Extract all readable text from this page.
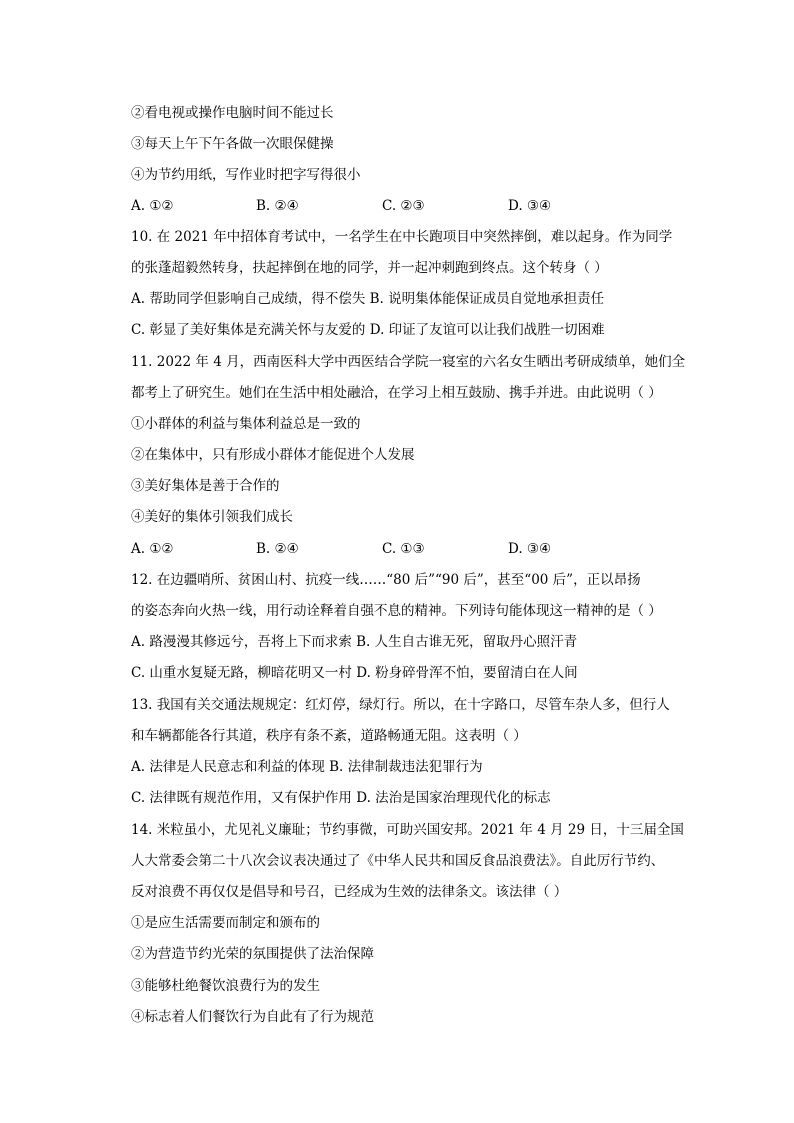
②看电视或操作电脑时间不能过长
③每天上午下午各做一次眼保健操
④为节约用纸，写作业时把字写得很小
A. ①②	B. ②④	C. ②③	D. ③④
10. 在 2021 年中招体育考试中，一名学生在中长跑项目中突然摔倒，难以起身。作为同学
的张蓬超毅然转身，扶起摔倒在地的同学，并一起冲刺跑到终点。这个转身（ ）
A. 帮助同学但影响自己成绩，得不偿失 B. 说明集体能保证成员自觉地承担责任
C. 彰显了美好集体是充满关怀与友爱的 D. 印证了友谊可以让我们战胜一切困难
11. 2022 年 4 月，西南医科大学中西医结合学院一寝室的六名女生晒出考研成绩单，她们全
都考上了研究生。她们在生活中相处融洽，在学习上相互鼓励、携手并进。由此说明（ ）
①小群体的利益与集体利益总是一致的
②在集体中，只有形成小群体才能促进个人发展
③美好集体是善于合作的
④美好的集体引领我们成长
A. ①②	B. ②④	C. ①③	D. ③④
12. 在边疆哨所、贫困山村、抗疫一线……“80 后”“90 后”，甚至“00 后”，正以昂扬
的姿态奔向火热一线，用行动诠释着自强不息的精神。下列诗句能体现这一精神的是（ ）
A. 路漫漫其修远兮，吾将上下而求索 B. 人生自古谁无死，留取丹心照汗青
C. 山重水复疑无路，柳暗花明又一村 D. 粉身碎骨浑不怕，要留清白在人间
13. 我国有关交通法规规定：红灯停，绿灯行。所以，在十字路口，尽管车杂人多，但行人
和车辆都能各行其道，秩序有条不紊，道路畅通无阻。这表明（ ）
A. 法律是人民意志和利益的体现 B. 法律制裁违法犯罪行为
C. 法律既有规范作用，又有保护作用 D. 法治是国家治理现代化的标志
14. 米粒虽小，尤见礼义廉耻；节约事微，可助兴国安邦。2021 年 4 月 29 日，十三届全国
人大常委会第二十八次会议表决通过了《中华人民共和国反食品浪费法》。自此厉行节约、
反对浪费不再仅仅是倡导和号召，已经成为生效的法律条文。该法律（ ）
①是应生活需要而制定和颁布的
②为营造节约光荣的氛围提供了法治保障
③能够杜绝餐饮浪费行为的发生
④标志着人们餐饮行为自此有了行为规范
